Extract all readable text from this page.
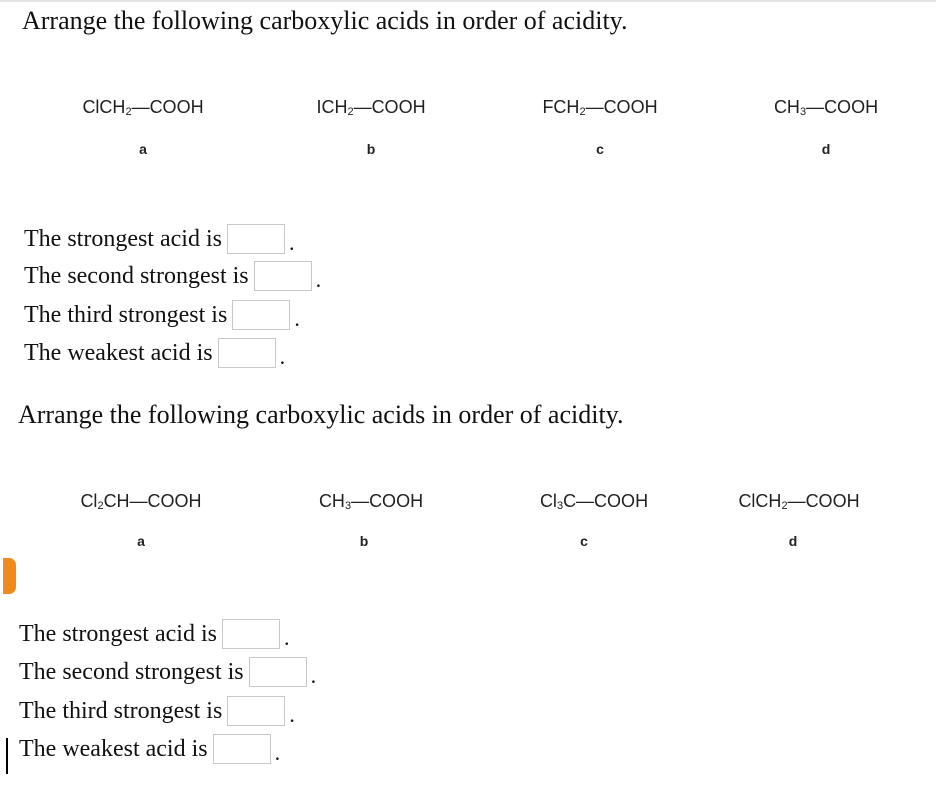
Arrange the following carboxylic acids in order of acidity.
ClCH$_2$—COOH
a
$ICH_2—COOH$
b
$FCH_2—COOH$
c
$CH_3—COOH$
d
The strongest acid is	.
The second strongest is	.
The third strongest is	.
The weakest acid is	.
Arrange the following carboxylic acids in order of acidity.
$Cl_2CH—COOH$
a
$CH_3—COOH$
b
$Cl_3C—COOH$
c
ClCH$_2$—COOH
d
The strongest acid is	.
The second strongest is	.
The third strongest is	.
The weakest acid is	.
